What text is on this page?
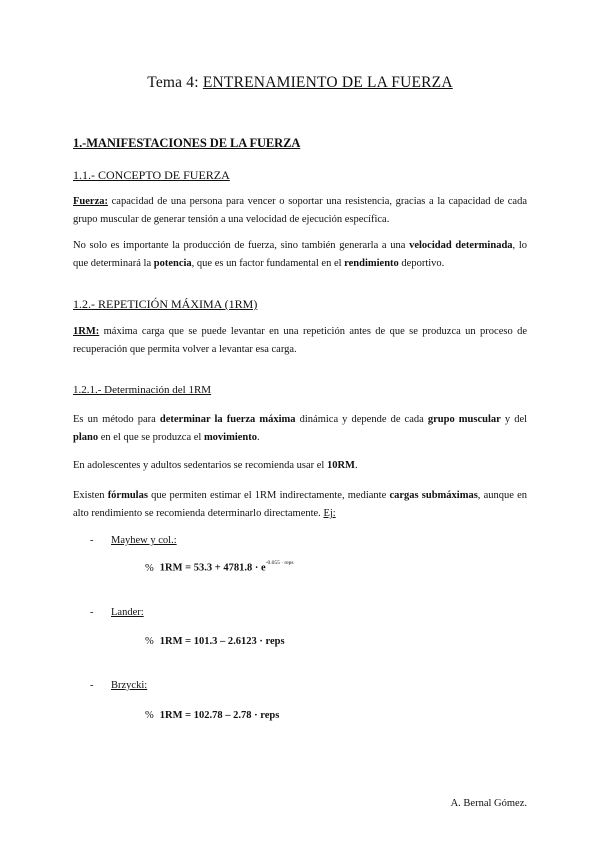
Tema 4: ENTRENAMIENTO DE LA FUERZA
1.-MANIFESTACIONES DE LA FUERZA
1.1.- CONCEPTO DE FUERZA
Fuerza: capacidad de una persona para vencer o soportar una resistencia, gracias a la capacidad de cada grupo muscular de generar tensión a una velocidad de ejecución específica.
No solo es importante la producción de fuerza, sino también generarla a una velocidad determinada, lo que determinará la potencia, que es un factor fundamental en el rendimiento deportivo.
1.2.- REPETICIÓN MÁXIMA (1RM)
1RM: máxima carga que se puede levantar en una repetición antes de que se produzca un proceso de recuperación que permita volver a levantar esa carga.
1.2.1.- Determinación del 1RM
Es un método para determinar la fuerza máxima dinámica y depende de cada grupo muscular y del plano en el que se produzca el movimiento.
En adolescentes y adultos sedentarios se recomienda usar el 10RM.
Existen fórmulas que permiten estimar el 1RM indirectamente, mediante cargas submáximas, aunque en alto rendimiento se recomienda determinarlo directamente. Ej:
- Mayhew y col.:
% $1RM = 53.3 + 4781.8 \cdot e^{-0.055 \cdot reps}$
- Lander:
% 1RM = 101.3 – 2.6123 · reps
- Brzycki:
% 1RM = 102.78 – 2.78 · reps
A. Bernal Gómez.
